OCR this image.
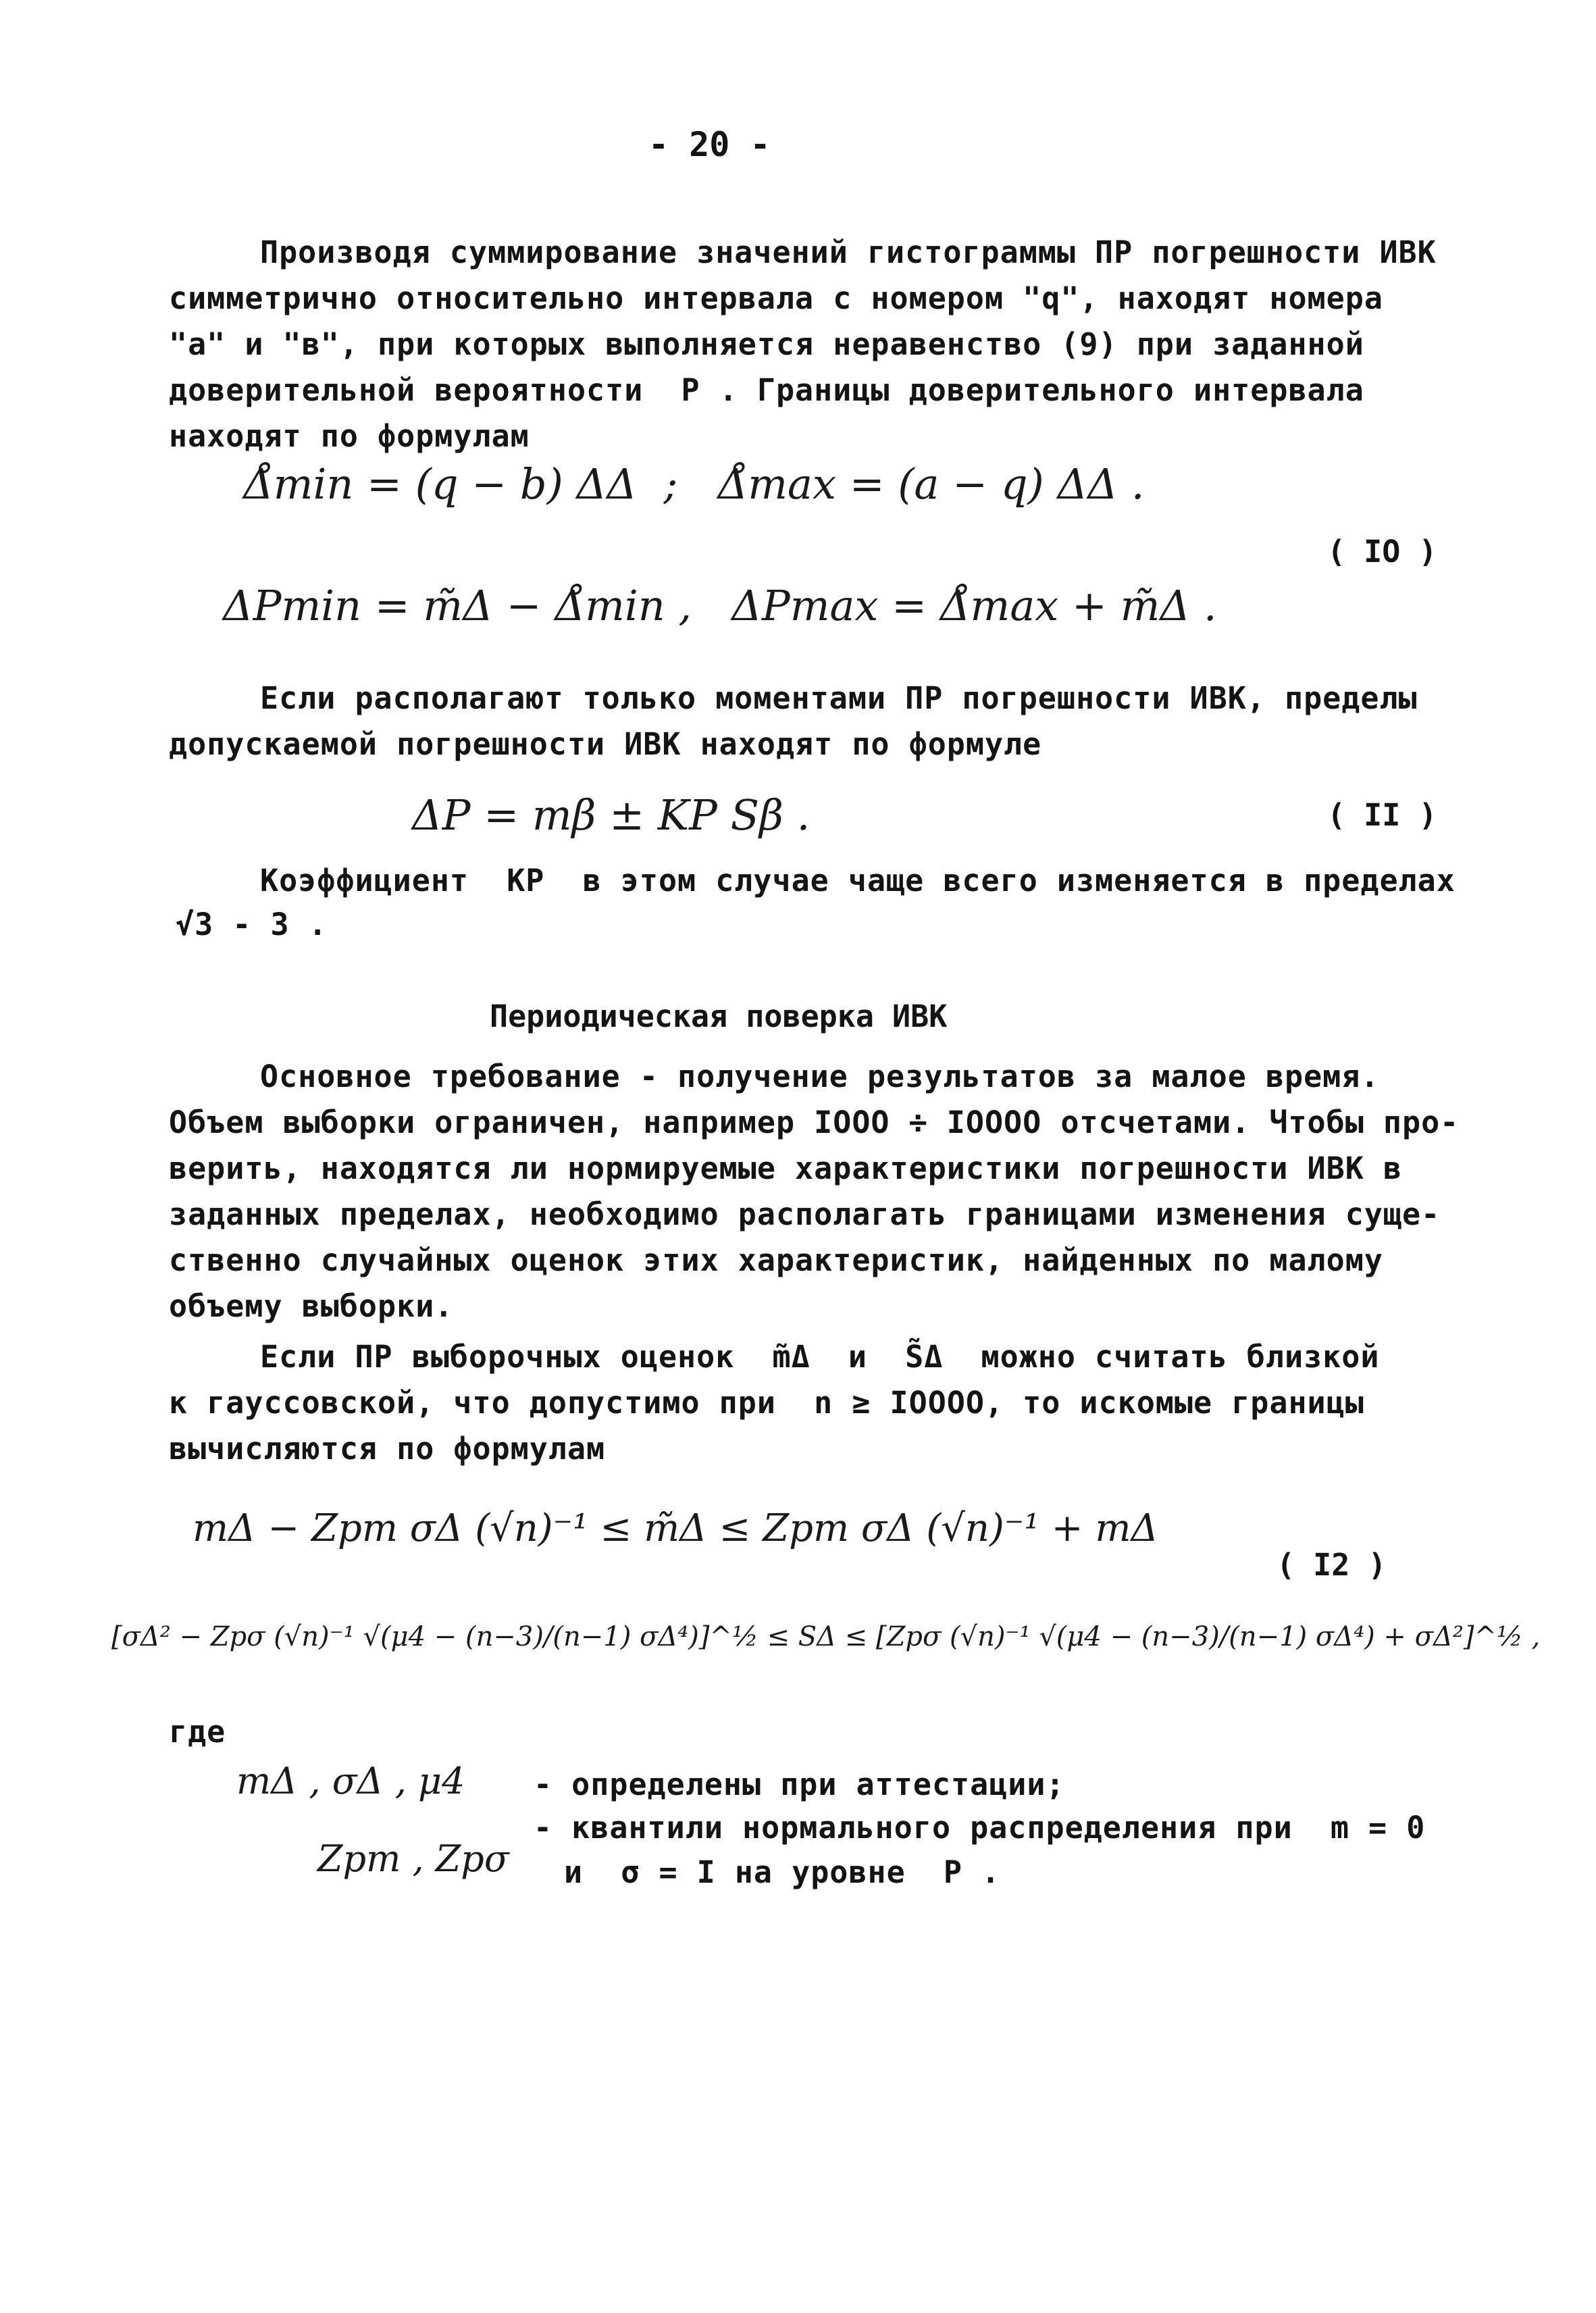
- 20 -
Производя суммирование значений гистограммы ПР погрешности ИВК
симметрично относительно интервала с номером "q", находят номера
"а" и "в", при которых выполняется неравенство (9) при заданной
доверительной вероятности  P . Границы доверительного интервала
находят по формулам
Δ̊min = (q − b) ΔΔ  ;   Δ̊max = (a − q) ΔΔ .
ΔPmin = m̃Δ − Δ̊min ,   ΔPmax = Δ̊max + m̃Δ .
( IO )
Если располагают только моментами ПР погрешности ИВК, пределы
допускаемой погрешности ИВК находят по формуле
ΔP = mβ ± KP Sβ .	( II )
Коэффициент  KP  в этом случае чаще всего изменяется в пределах
√3 - 3 .
Периодическая поверка ИВК
Основное требование - получение результатов за малое время.
Объем выборки ограничен, например IOOO ÷ IOOOO отсчетами. Чтобы про-
верить, находятся ли нормируемые характеристики погрешности ИВК в
заданных пределах, необходимо располагать границами изменения суще-
ственно случайных оценок этих характеристик, найденных по малому
объему выборки.
Если ПР выборочных оценок  m̃Δ  и  S̃Δ  можно считать близкой
к гауссовской, что допустимо при  n ≥ IOOOO, то искомые границы
вычисляются по формулам
mΔ − Zpm σΔ (√n)⁻¹ ≤ m̃Δ ≤ Zpm σΔ (√n)⁻¹ + mΔ
[σΔ² − Zpσ (√n)⁻¹ √(μ4 − (n−3)/(n−1) σΔ⁴)]^½ ≤ SΔ ≤ [Zpσ (√n)⁻¹ √(μ4 − (n−3)/(n−1) σΔ⁴) + σΔ²]^½ ,
( I2 )
где
mΔ , σΔ , μ4 - определены при аттестации;
- квантили нормального распределения при  m = 0
Zpm , Zpσ и  σ = I на уровне  P .
